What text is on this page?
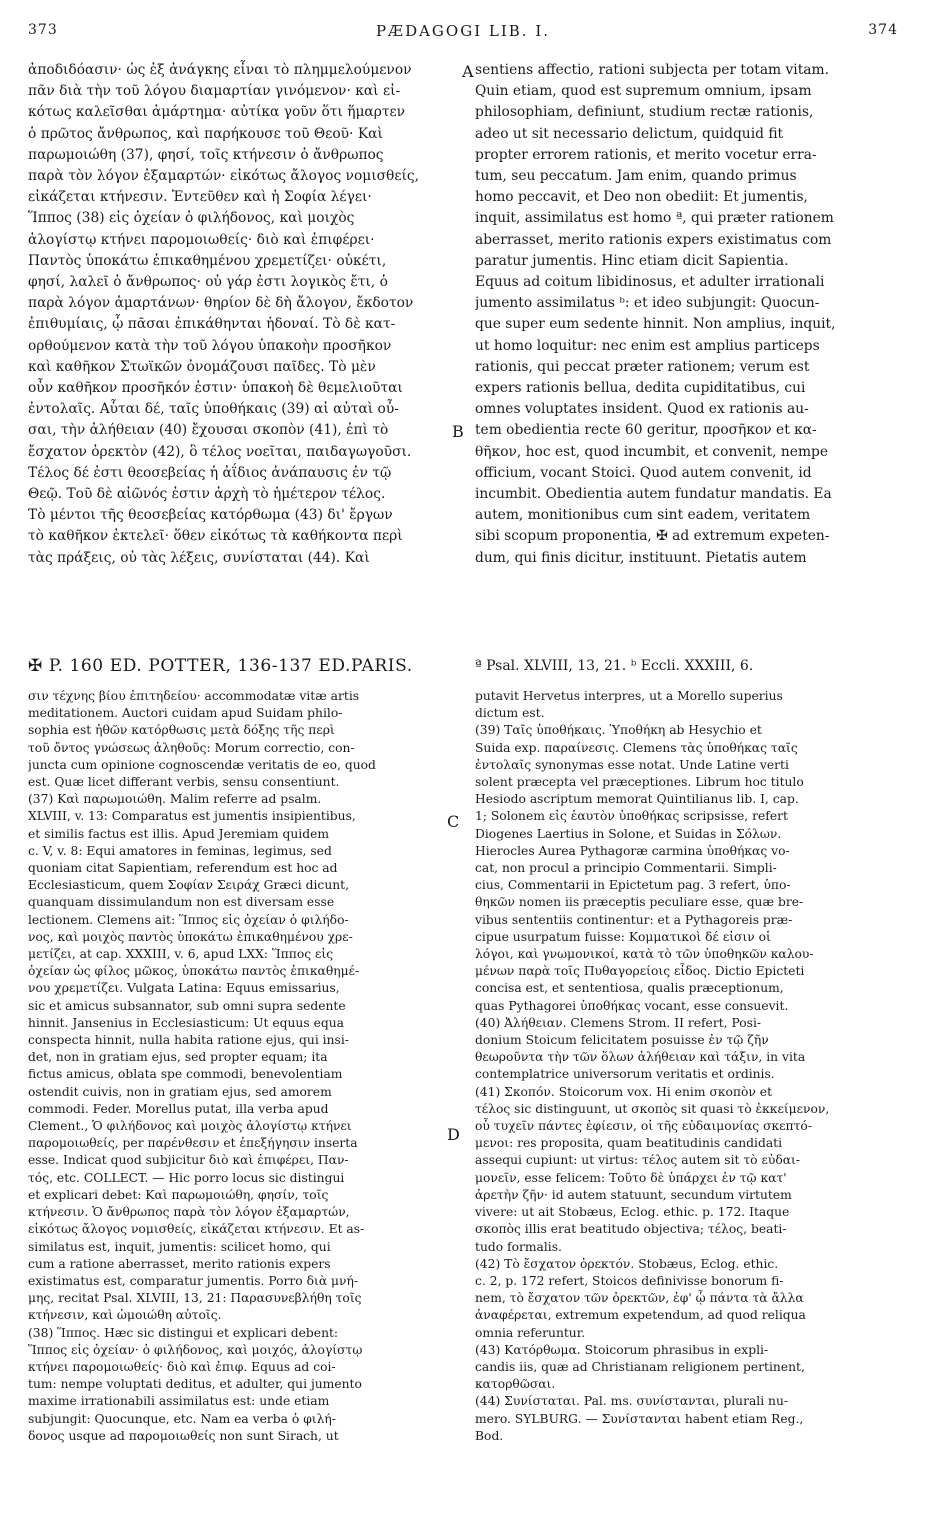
373	PÆDAGOGI LIB. I.	374
ἀποδιδόασιν· ὡς ἐξ ἀνάγκης εἶναι τὸ πλημμελούμενον
πᾶν διὰ τὴν τοῦ λόγου διαμαρτίαν γινόμενον· καὶ εἰ-
κότως καλεῖσθαι ἁμάρτημα· αὐτίκα γοῦν ὅτι ἥμαρτεν
ὁ πρῶτος ἄνθρωπος, καὶ παρήκουσε τοῦ Θεοῦ· Καὶ
παρωμοιώθη (37), φησί, τοῖς κτήνεσιν ὁ ἄνθρωπος
παρὰ τὸν λόγον ἐξαμαρτών· εἰκότως ἄλογος νομισθείς,
εἰκάζεται κτήνεσιν. Ἐντεῦθεν καὶ ἡ Σοφία λέγει·
Ἵππος (38) εἰς ὀχείαν ὁ φιλήδονος, καὶ μοιχὸς
ἀλογίστῳ κτήνει παρομοιωθείς· διὸ καὶ ἐπιφέρει·
Παντὸς ὑποκάτω ἐπικαθημένου χρεμετίζει· οὐκέτι,
φησί, λαλεῖ ὁ ἄνθρωπος· οὐ γάρ ἐστι λογικὸς ἔτι, ὁ
παρὰ λόγον ἁμαρτάνων· θηρίον δὲ δὴ ἄλογον, ἔκδοτον
ἐπιθυμίαις, ᾧ πᾶσαι ἐπικάθηνται ἡδοναί. Τὸ δὲ κατ-
ορθούμενον κατὰ τὴν τοῦ λόγου ὑπακοὴν προσῆκον
καὶ καθῆκον Στωϊκῶν ὀνομάζουσι παῖδες. Τὸ μὲν
οὖν καθῆκον προσῆκόν ἐστιν· ὑπακοὴ δὲ θεμελιοῦται
ἐντολαῖς. Αὗται δέ, ταῖς ὑποθήκαις (39) αἱ αὐταὶ οὖ-
σαι, τὴν ἀλήθειαν (40) ἔχουσαι σκοπὸν (41), ἐπὶ τὸ
ἔσχατον ὀρεκτὸν (42), ὃ τέλος νοεῖται, παιδαγωγοῦσι.
Τέλος δέ ἐστι θεοσεβείας ἡ ἀΐδιος ἀνάπαυσις ἐν τῷ
Θεῷ. Τοῦ δὲ αἰῶνός ἐστιν ἀρχὴ τὸ ἡμέτερον τέλος.
Τὸ μέντοι τῆς θεοσεβείας κατόρθωμα (43) δι' ἔργων
τὸ καθῆκον ἐκτελεῖ· ὅθεν εἰκότως τὰ καθήκοντα περὶ
τὰς πράξεις, οὐ τὰς λέξεις, συνίσταται (44). Καὶ
sentiens affectio, rationi subjecta per totam vitam.
Quin etiam, quod est supremum omnium, ipsam
philosophiam, definiunt, studium rectæ rationis,
adeo ut sit necessario delictum, quidquid fit
propter errorem rationis, et merito vocetur erra-
tum, seu peccatum. Jam enim, quando primus
homo peccavit, et Deo non obediit: Et jumentis,
inquit, assimilatus est homo ª, qui præter rationem
aberrasset, merito rationis expers existimatus com
paratur jumentis. Hinc etiam dicit Sapientia.
Equus ad coitum libidinosus, et adulter irrationali
jumento assimilatus ᵇ: et ideo subjungit: Quocun-
que super eum sedente hinnit. Non amplius, inquit,
ut homo loquitur: nec enim est amplius particeps
rationis, qui peccat præter rationem; verum est
expers rationis bellua, dedita cupiditatibus, cui
omnes voluptates insident. Quod ex rationis au-
tem obedientia recte 60 geritur, προσῆκον et κα-
θῆκον, hoc est, quod incumbit, et convenit, nempe
officium, vocant Stoici. Quod autem convenit, id
incumbit. Obedientia autem fundatur mandatis. Ea
autem, monitionibus cum sint eadem, veritatem
sibi scopum proponentia, ✠ ad extremum expeten-
dum, qui finis dicitur, instituunt. Pietatis autem
A
B
C
D
✠ P. 160 ED. POTTER, 136-137 ED.PARIS.	ª Psal. XLVIII, 13, 21. ᵇ Eccli. XXXIII, 6.
σιν τέχνης βίου ἐπιτηδείου· accommodatæ vitæ artis
meditationem. Auctori cuidam apud Suidam philo-
sophia est ἠθῶν κατόρθωσις μετὰ δόξης τῆς περὶ
τοῦ ὄντος γνώσεως ἀληθοῦς: Morum correctio, con-
juncta cum opinione cognoscendæ veritatis de eo, quod
est. Quæ licet differant verbis, sensu consentiunt.
(37) Καὶ παρωμοιώθη. Malim referre ad psalm.
XLVIII, v. 13: Comparatus est jumentis insipientibus,
et similis factus est illis. Apud Jeremiam quidem
c. V, v. 8: Equi amatores in feminas, legimus, sed
quoniam citat Sapientiam, referendum est hoc ad
Ecclesiasticum, quem Σοφίαν Σειράχ Græci dicunt,
quanquam dissimulandum non est diversam esse
lectionem. Clemens ait: Ἵππος εἰς ὀχείαν ὁ φιλήδο-
νος, καὶ μοιχὸς παντὸς ὑποκάτω ἐπικαθημένου χρε-
μετίζει, at cap. XXXIII, v. 6, apud LXX: Ἵππος εἰς
ὀχείαν ὡς φίλος μῶκος, ὑποκάτω παντὸς ἐπικαθημέ-
νου χρεμετίζει. Vulgata Latina: Equus emissarius,
sic et amicus subsannator, sub omni supra sedente
hinnit. Jansenius in Ecclesiasticum: Ut equus equa
conspecta hinnit, nulla habita ratione ejus, qui insi-
det, non in gratiam ejus, sed propter equam; ita
fictus amicus, oblata spe commodi, benevolentiam
ostendit cuivis, non in gratiam ejus, sed amorem
commodi. Feder. Morellus putat, illa verba apud
Clement., Ὁ φιλήδονος καὶ μοιχὸς ἀλογίστῳ κτήνει
παρομοιωθείς, per παρένθεσιν et ἐπεξήγησιν inserta
esse. Indicat quod subjicitur διὸ καὶ ἐπιφέρει, Παν-
τός, etc. COLLECT. — Hic porro locus sic distingui
et explicari debet: Καὶ παρωμοιώθη, φησίν, τοῖς
κτήνεσιν. Ὁ ἄνθρωπος παρὰ τὸν λόγον ἐξαμαρτών,
εἰκότως ἄλογος νομισθείς, εἰκάζεται κτήνεσιν. Et as-
similatus est, inquit, jumentis: scilicet homo, qui
cum a ratione aberrasset, merito rationis expers
existimatus est, comparatur jumentis. Porro διὰ μνή-
μης, recitat Psal. XLVIII, 13, 21: Παρασυνεβλήθη τοῖς
κτήνεσιν, καὶ ὡμοιώθη αὐτοῖς.
(38) Ἵππος. Hæc sic distingui et explicari debent:
Ἵππος εἰς ὀχείαν· ὁ φιλήδονος, καὶ μοιχός, ἀλογίστῳ
κτήνει παρομοιωθείς· διὸ καὶ ἐπιφ. Equus ad coi-
tum: nempe voluptati deditus, et adulter, qui jumento
maxime irrationabili assimilatus est: unde etiam
subjungit: Quocunque, etc. Nam ea verba ὁ φιλή-
δονος usque ad παρομοιωθείς non sunt Sirach, ut
putavit Hervetus interpres, ut a Morello superius
dictum est.
(39) Ταῖς ὑποθήκαις. Ὑποθήκη ab Hesychio et
Suida exp. παραίνεσις. Clemens τὰς ὑποθήκας ταῖς
ἐντολαῖς synonymas esse notat. Unde Latine verti
solent præcepta vel præceptiones. Librum hoc titulo
Hesiodo ascriptum memorat Quintilianus lib. I, cap.
1; Solonem εἰς ἑαυτὸν ὑποθήκας scripsisse, refert
Diogenes Laertius in Solone, et Suidas in Σόλων.
Hierocles Aurea Pythagoræ carmina ὑποθήκας vo-
cat, non procul a principio Commentarii. Simpli-
cius, Commentarii in Epictetum pag. 3 refert, ὑπο-
θηκῶν nomen iis præceptis peculiare esse, quæ bre-
vibus sententiis continentur: et a Pythagoreis præ-
cipue usurpatum fuisse: Κομματικοὶ δέ εἰσιν οἱ
λόγοι, καὶ γνωμονικοί, κατὰ τὸ τῶν ὑποθηκῶν καλου-
μένων παρὰ τοῖς Πυθαγορείοις εἶδος. Dictio Epicteti
concisa est, et sententiosa, qualis præceptionum,
quas Pythagorei ὑποθήκας vocant, esse consuevit.
(40) Ἀλήθειαν. Clemens Strom. II refert, Posi-
donium Stoicum felicitatem posuisse ἐν τῷ ζῆν
θεωροῦντα τὴν τῶν ὅλων ἀλήθειαν καὶ τάξιν, in vita
contemplatrice universorum veritatis et ordinis.
(41) Σκοπόν. Stoicorum vox. Hi enim σκοπὸν et
τέλος sic distinguunt, ut σκοπὸς sit quasi τὸ ἐκκείμενον,
οὗ τυχεῖν πάντες ἐφίεσιν, οἱ τῆς εὐδαιμονίας σκεπτό-
μενοι: res proposita, quam beatitudinis candidati
assequi cupiunt: ut virtus: τέλος autem sit τὸ εὐδαι-
μονεῖν, esse felicem: Τοῦτο δὲ ὑπάρχει ἐν τῷ κατ'
ἀρετὴν ζῆν· id autem statuunt, secundum virtutem
vivere: ut ait Stobæus, Eclog. ethic. p. 172. Itaque
σκοπὸς illis erat beatitudo objectiva; τέλος, beati-
tudo formalis.
(42) Τὸ ἔσχατον ὀρεκτόν. Stobæus, Eclog. ethic.
c. 2, p. 172 refert, Stoicos definivisse bonorum fi-
nem, τὸ ἔσχατον τῶν ὀρεκτῶν, ἐφ' ᾧ πάντα τὰ ἄλλα
ἀναφέρεται, extremum expetendum, ad quod reliqua
omnia referuntur.
(43) Κατόρθωμα. Stoicorum phrasibus in expli-
candis iis, quæ ad Christianam religionem pertinent,
κατορθῶσαι.
(44) Συνίσταται. Pal. ms. συνίστανται, plurali nu-
mero. SYLBURG. — Συνίστανται habent etiam Reg.,
Bod.
